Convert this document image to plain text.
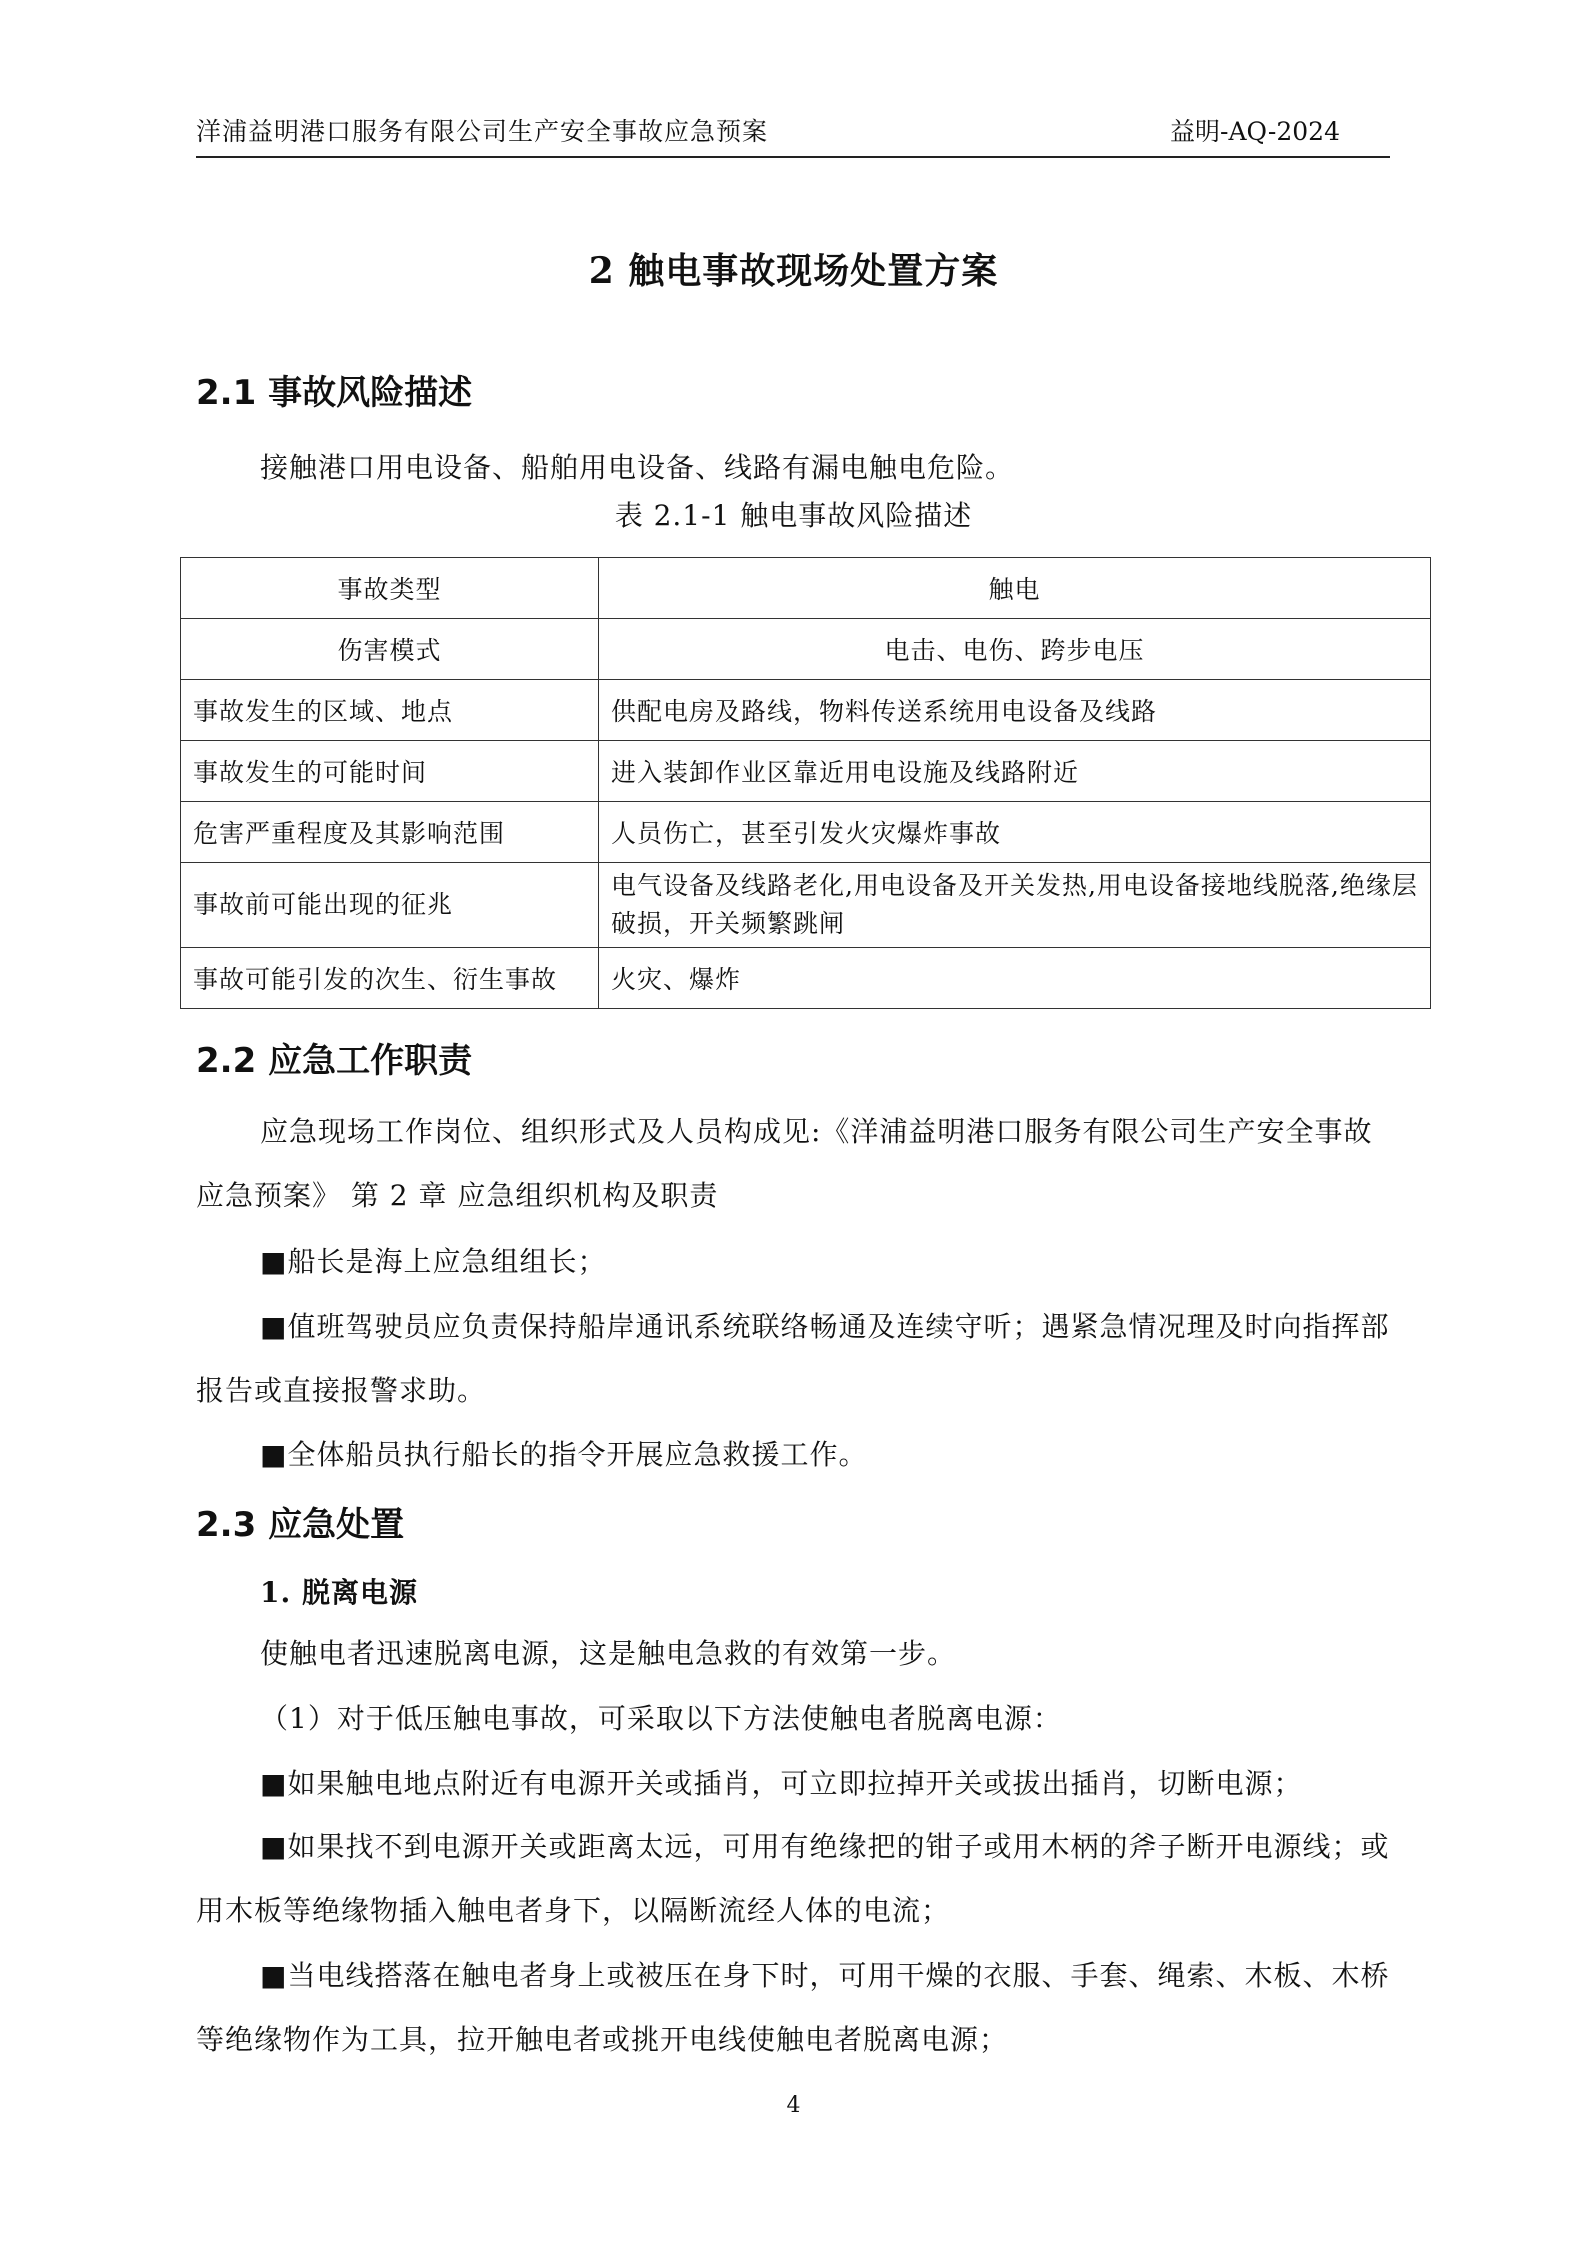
洋浦益明港口服务有限公司生产安全事故应急预案	益明-AQ-2024
2 触电事故现场处置方案
2.1 事故风险描述
接触港口用电设备、船舶用电设备、线路有漏电触电危险。
表 2.1-1 触电事故风险描述
事故类型	触电
伤害模式	电击、电伤、跨步电压
事故发生的区域、地点	供配电房及路线，物料传送系统用电设备及线路
事故发生的可能时间	进入装卸作业区靠近用电设施及线路附近
危害严重程度及其影响范围	人员伤亡，甚至引发火灾爆炸事故
事故前可能出现的征兆	电气设备及线路老化,用电设备及开关发热,用电设备接地线脱落,绝缘层破损，开关频繁跳闸
事故可能引发的次生、衍生事故	火灾、爆炸
2.2 应急工作职责
应急现场工作岗位、组织形式及人员构成见:《洋浦益明港口服务有限公司生产安全事故应急预案》 第 2 章 应急组织机构及职责
■船长是海上应急组组长；
■值班驾驶员应负责保持船岸通讯系统联络畅通及连续守听；遇紧急情况理及时向指挥部报告或直接报警求助。
■全体船员执行船长的指令开展应急救援工作。
2.3 应急处置
1. 脱离电源
使触电者迅速脱离电源，这是触电急救的有效第一步。
（1）对于低压触电事故，可采取以下方法使触电者脱离电源：
■如果触电地点附近有电源开关或插肖，可立即拉掉开关或拔出插肖，切断电源；
■如果找不到电源开关或距离太远，可用有绝缘把的钳子或用木柄的斧子断开电源线；或用木板等绝缘物插入触电者身下，以隔断流经人体的电流；
■当电线搭落在触电者身上或被压在身下时，可用干燥的衣服、手套、绳索、木板、木桥等绝缘物作为工具，拉开触电者或挑开电线使触电者脱离电源；
4
